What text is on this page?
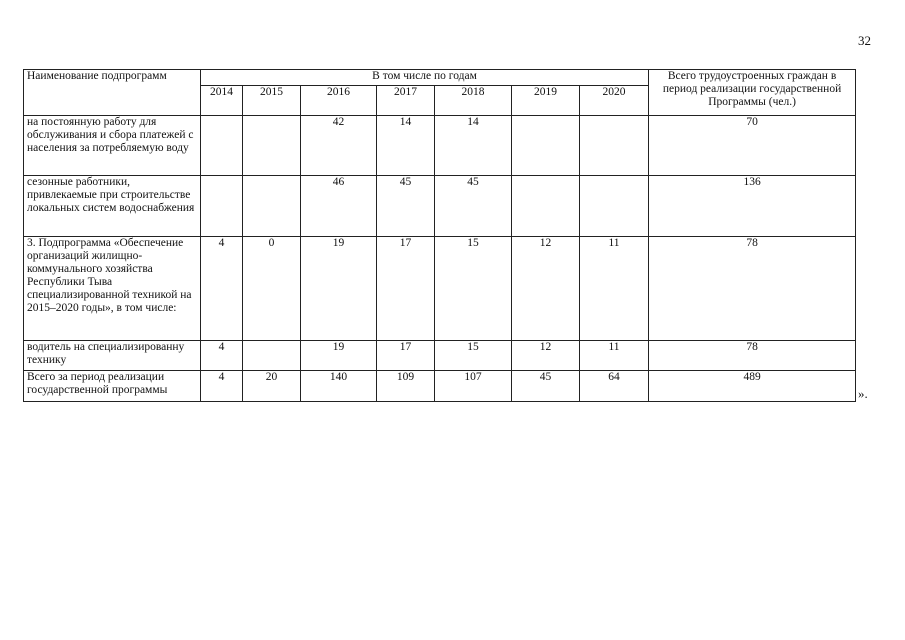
32
Наименование подпрограмм	В том числе по годам							Всего трудоустроенных граждан в период реализации государственной Программы (чел.)
	2014	2015	2016	2017	2018	2019	2020	
на постоянную работу для обслуживания и сбора платежей с населения за потребляемую воду			42	14	14			70
сезонные работники, привлекаемые при строительстве локальных систем водоснабжения			46	45	45			136
3. Подпрограмма «Обеспечение организаций жилищно-коммунального хозяйства Республики Тыва специализированной техникой на 2015–2020 годы», в том числе:	4	0	19	17	15	12	11	78
водитель на специализированну технику	4		19	17	15	12	11	78
Всего за период реализации государственной программы	4	20	140	109	107	45	64	489
».
